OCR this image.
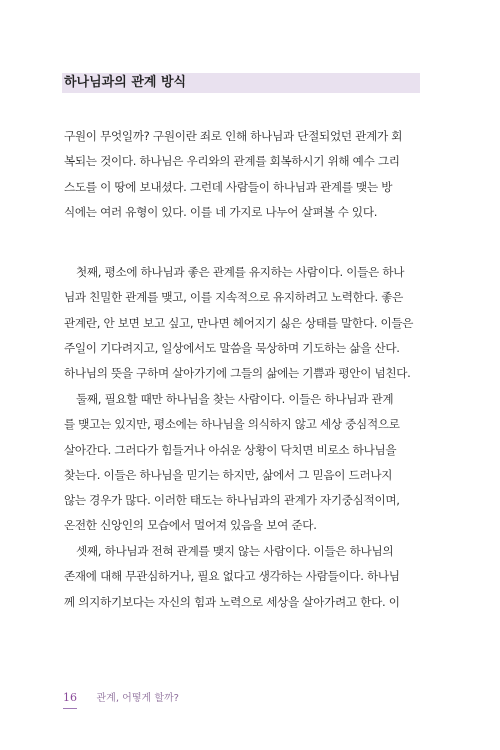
하나님과의 관계 방식
구원이 무엇일까? 구원이란 죄로 인해 하나님과 단절되었던 관계가 회
복되는 것이다. 하나님은 우리와의 관계를 회복하시기 위해 예수 그리
스도를 이 땅에 보내셨다. 그런데 사람들이 하나님과 관계를 맺는 방
식에는 여러 유형이 있다. 이를 네 가지로 나누어 살펴볼 수 있다.
첫째, 평소에 하나님과 좋은 관계를 유지하는 사람이다. 이들은 하나
님과 친밀한 관계를 맺고, 이를 지속적으로 유지하려고 노력한다. 좋은
관계란, 안 보면 보고 싶고, 만나면 헤어지기 싫은 상태를 말한다. 이들은
주일이 기다려지고, 일상에서도 말씀을 묵상하며 기도하는 삶을 산다.
하나님의 뜻을 구하며 살아가기에 그들의 삶에는 기쁨과 평안이 넘친다.
둘째, 필요할 때만 하나님을 찾는 사람이다. 이들은 하나님과 관계
를 맺고는 있지만, 평소에는 하나님을 의식하지 않고 세상 중심적으로
살아간다. 그러다가 힘들거나 아쉬운 상황이 닥치면 비로소 하나님을
찾는다. 이들은 하나님을 믿기는 하지만, 삶에서 그 믿음이 드러나지
않는 경우가 많다. 이러한 태도는 하나님과의 관계가 자기중심적이며,
온전한 신앙인의 모습에서 멀어져 있음을 보여 준다.
셋째, 하나님과 전혀 관계를 맺지 않는 사람이다. 이들은 하나님의
존재에 대해 무관심하거나, 필요 없다고 생각하는 사람들이다. 하나님
께 의지하기보다는 자신의 힘과 노력으로 세상을 살아가려고 한다. 이
16 관계, 어떻게 할까?
